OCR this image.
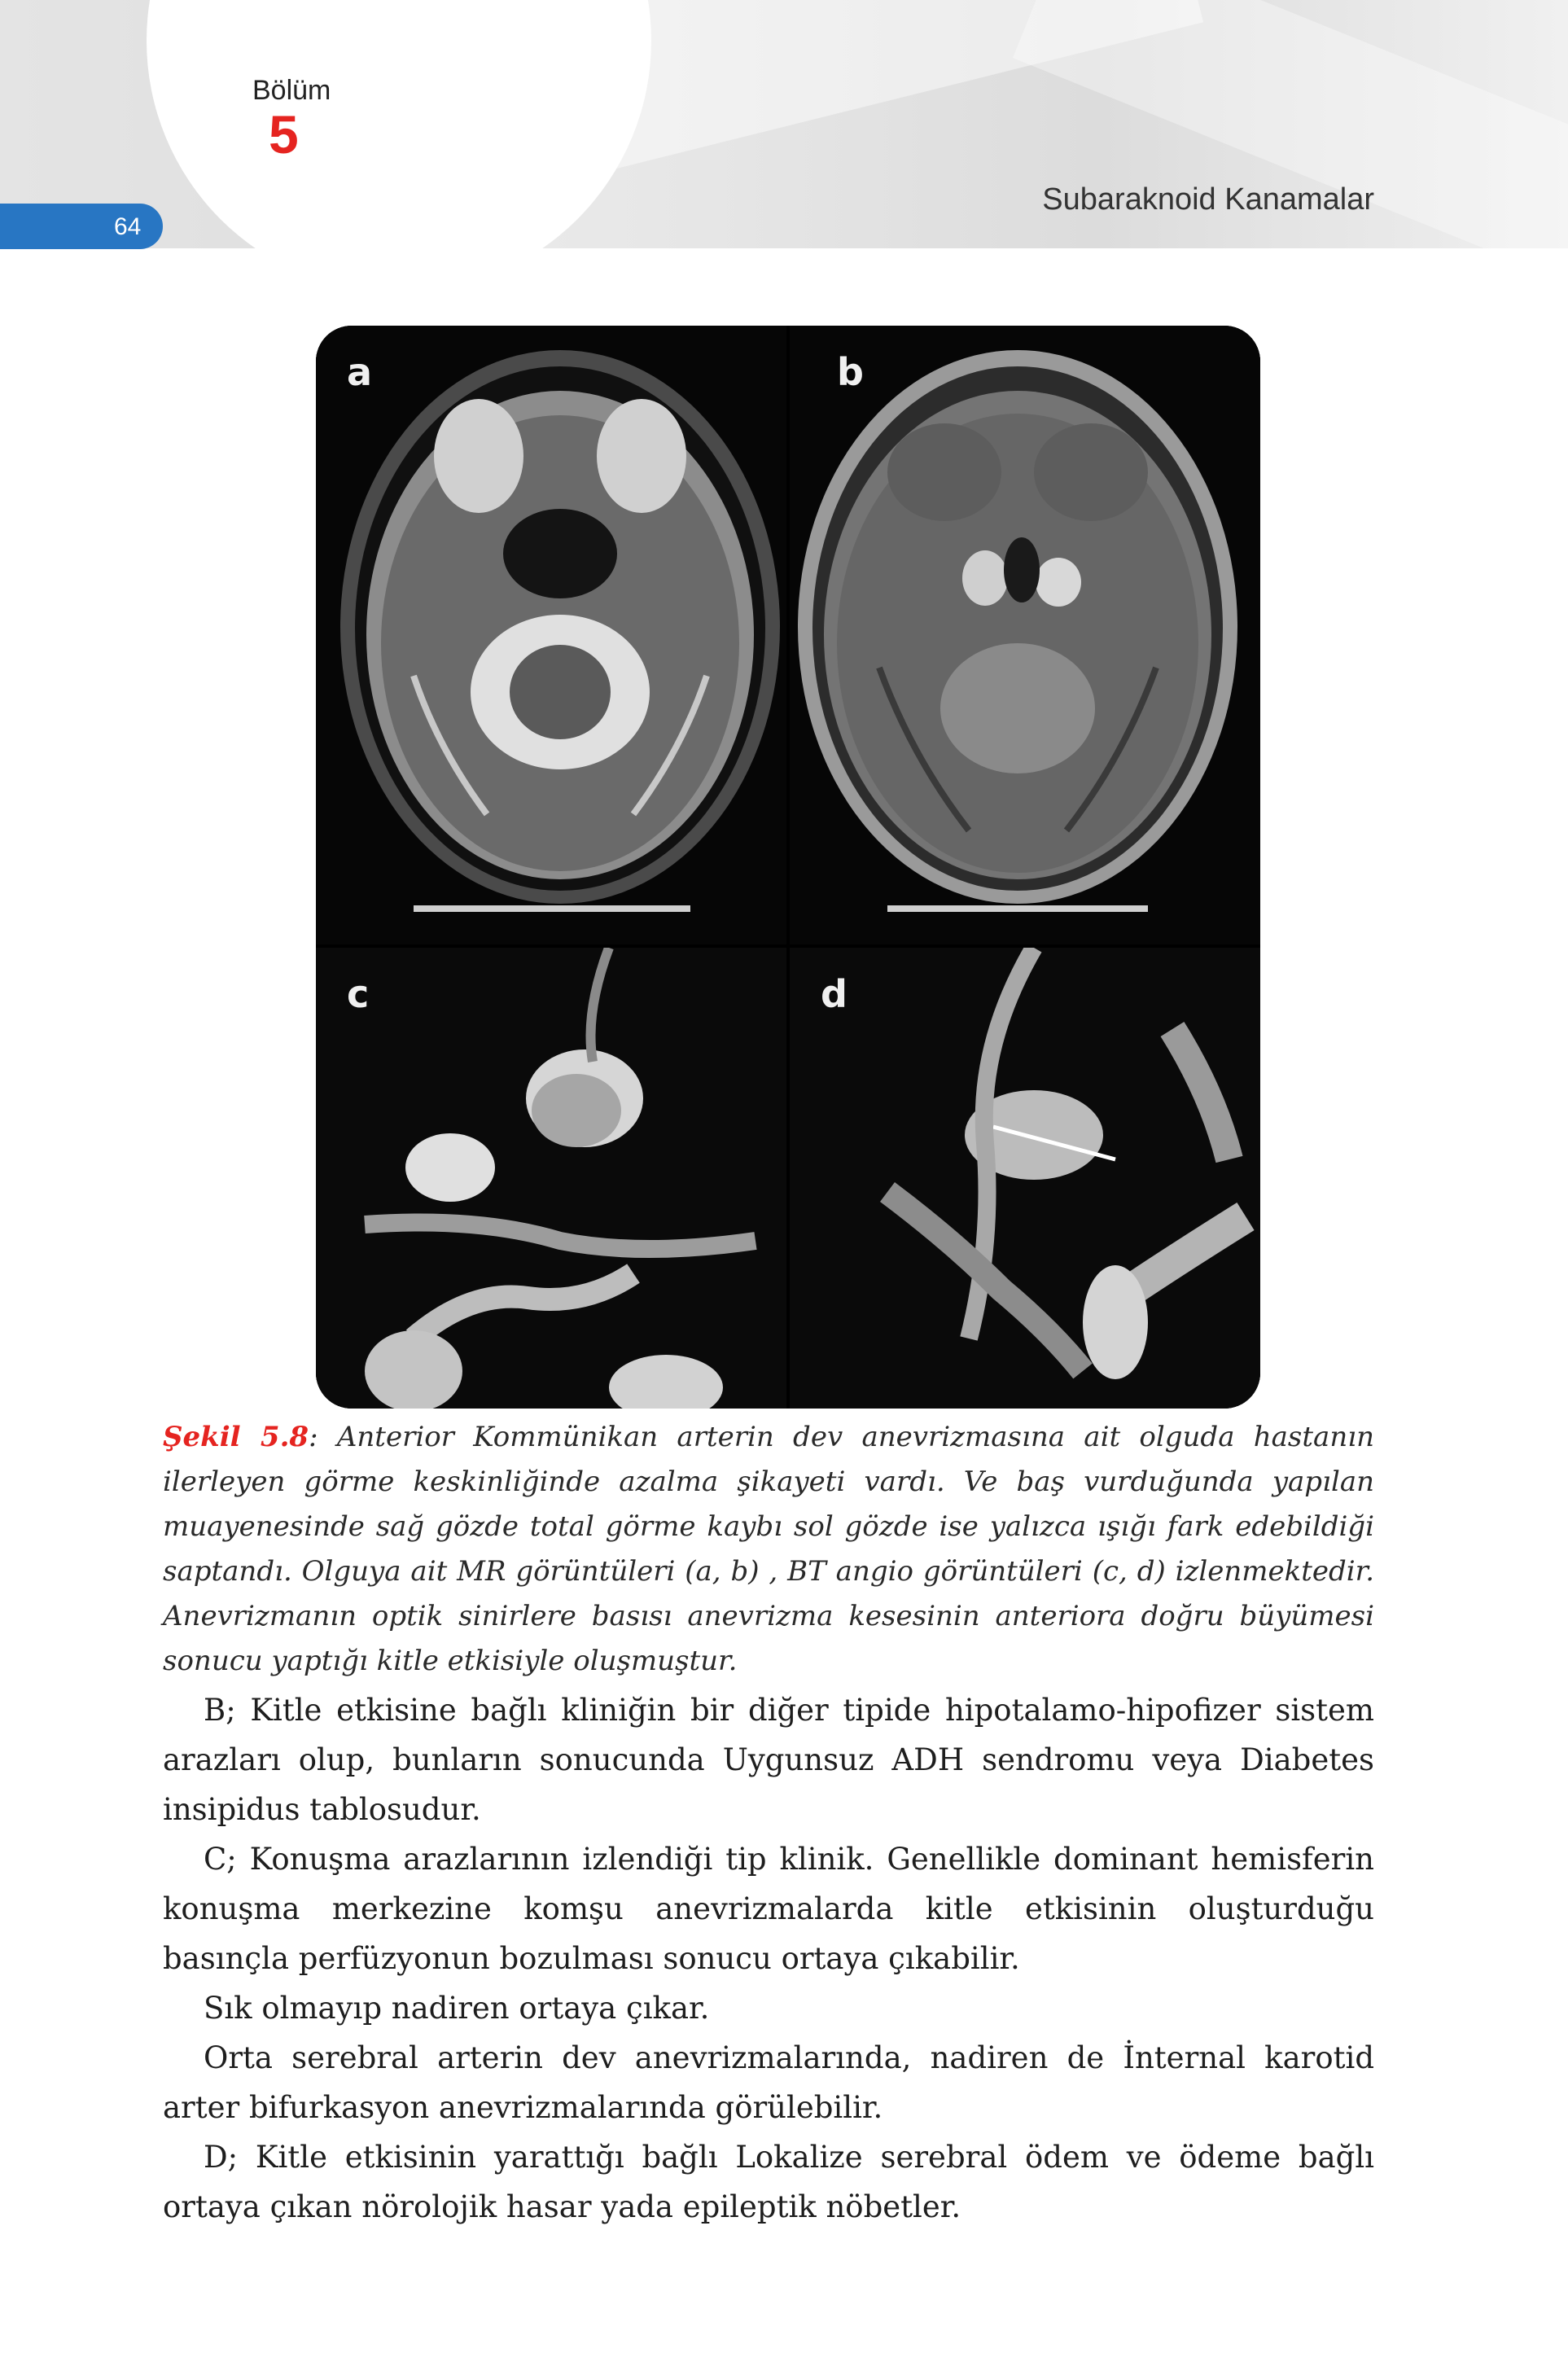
Bölüm
5
64
Subaraknoid Kanamalar
a	b
c	d
Şekil 5.8: Anterior Kommünikan arterin dev anevrizmasına ait olguda hastanın ilerleyen görme keskinliğinde azalma şikayeti vardı. Ve baş vurduğunda yapılan muayenesinde sağ gözde total görme kaybı sol gözde ise yalızca ışığı fark edebildiği saptandı. Olguya ait MR görüntüleri (a, b) , BT angio görüntüleri (c, d) izlenmektedir. Anevrizmanın optik sinirlere basısı anevrizma kesesinin anteriora doğru büyümesi sonucu yaptığı kitle etkisiyle oluşmuştur.

B; Kitle etkisine bağlı kliniğin bir diğer tipide hipotalamo-hipofizer sistem arazları olup, bunların sonucunda Uygunsuz ADH sendromu veya Diabetes insipidus tablosudur.

C; Konuşma arazlarının izlendiği tip klinik. Genellikle dominant hemisferin konuşma merkezine komşu anevrizmalarda kitle etkisinin oluşturduğu basınçla perfüzyonun bozulması sonucu ortaya çıkabilir.

Sık olmayıp nadiren ortaya çıkar.

Orta serebral arterin dev anevrizmalarında, nadiren de İnternal karotid arter bifurkasyon anevrizmalarında görülebilir.

D; Kitle etkisinin yarattığı bağlı Lokalize serebral ödem ve ödeme bağlı ortaya çıkan nörolojik hasar yada epileptik nöbetler.
